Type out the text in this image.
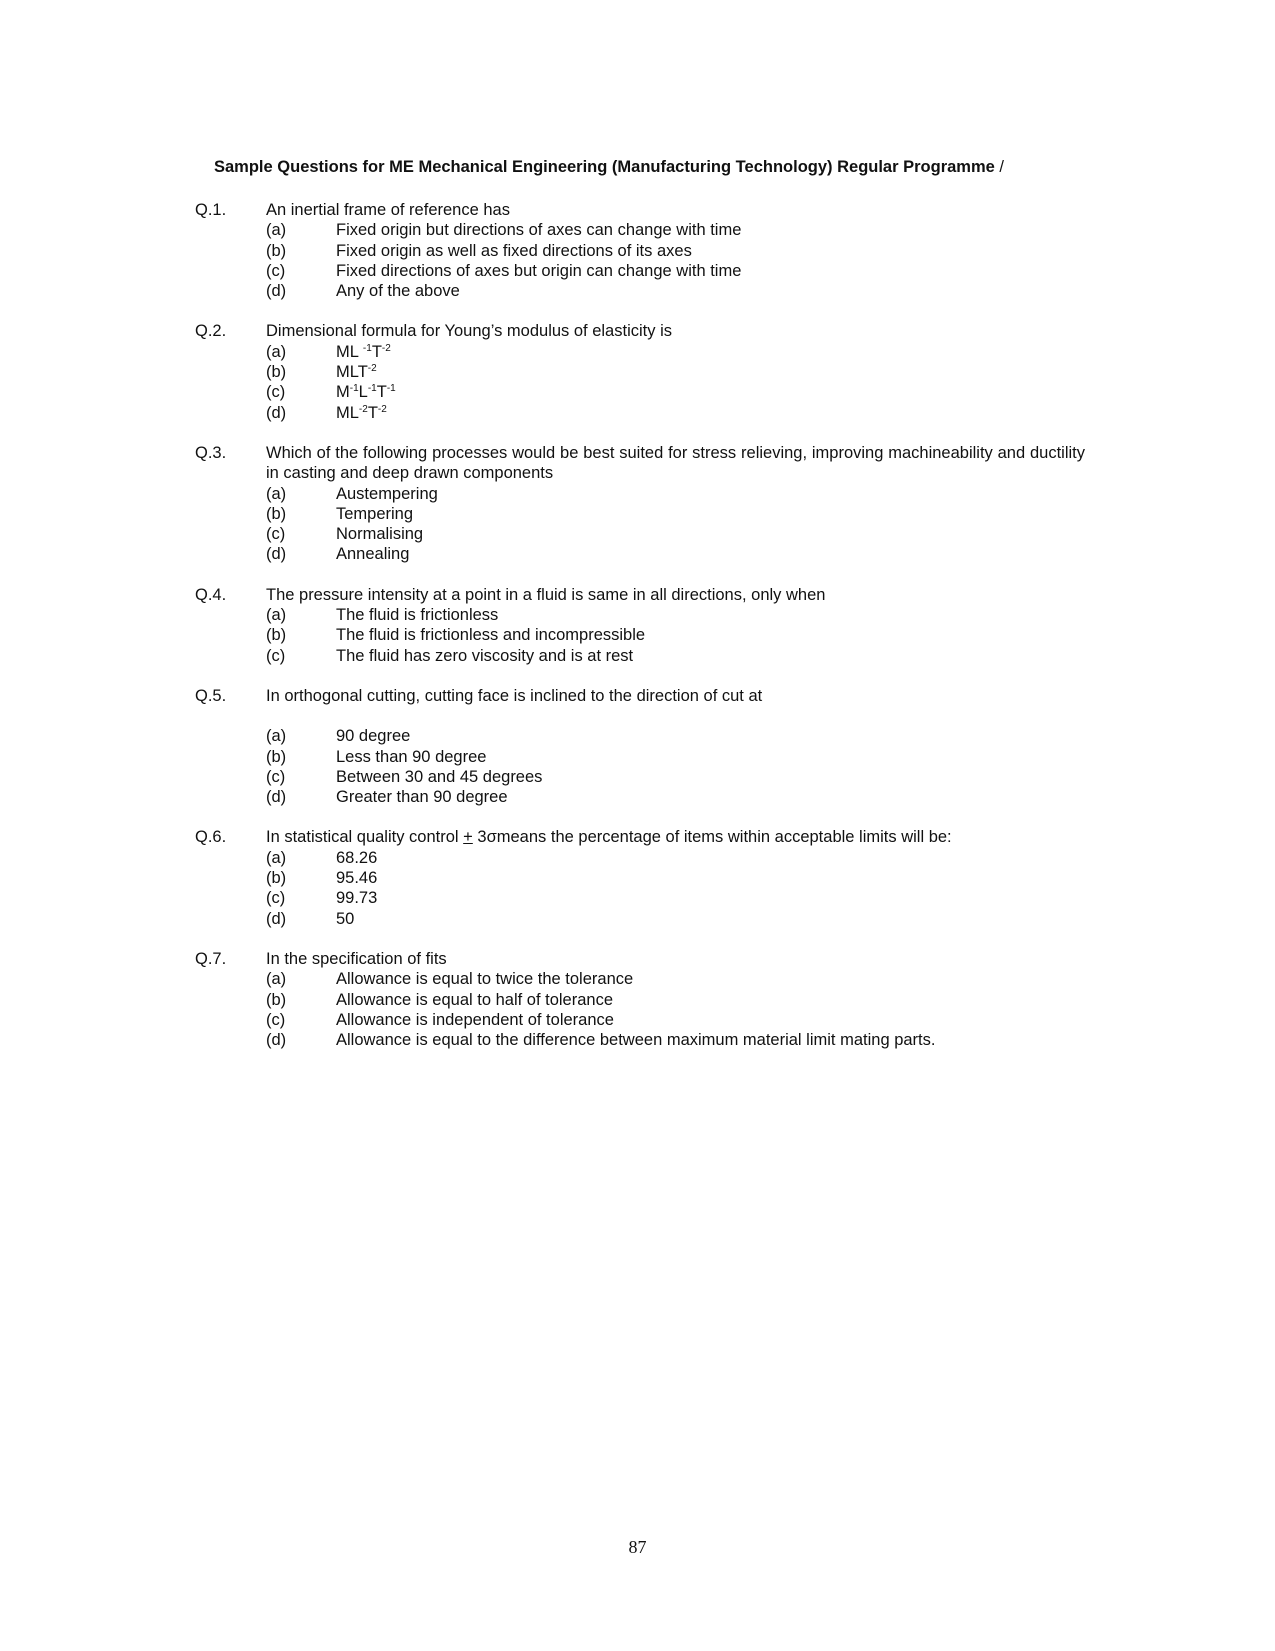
Sample Questions for ME Mechanical Engineering (Manufacturing Technology) Regular Programme /
Q.1.	An inertial frame of reference has
(a)	Fixed origin but directions of axes can change with time
(b)	Fixed origin as well as fixed directions of its axes
(c)	Fixed directions of axes but origin can change with time
(d)	Any of the above
Q.2.	Dimensional formula for Young’s modulus of elasticity is
(a)	ML $^{-1}T^{-2}$
(b)	$MLT^{-2}$
(c)	$M^{-1}L^{-1}T^{-1}$
(d)	$ML^{-2}T^{-2}$
Q.3.	Which of the following processes would be best suited for stress relieving, improving machineability and ductility in casting and deep drawn components
(a)	Austempering
(b)	Tempering
(c)	Normalising
(d)	Annealing
Q.4.	The pressure intensity at a point in a fluid is same in all directions, only when
(a)	The fluid is frictionless
(b)	The fluid is frictionless and incompressible
(c)	The fluid has zero viscosity and is at rest
Q.5.	In orthogonal cutting, cutting face is inclined to the direction of cut at
(a)	90 degree
(b)	Less than 90 degree
(c)	Between 30 and 45 degrees
(d)	Greater than 90 degree
Q.6.	In statistical quality control + 3σmeans the percentage of items within acceptable limits will be:
(a)	68.26
(b)	95.46
(c)	99.73
(d)	50
Q.7.	In the specification of fits
(a)	Allowance is equal to twice the tolerance
(b)	Allowance is equal to half of tolerance
(c)	Allowance is independent of tolerance
(d)	Allowance is equal to the difference between maximum material limit mating parts.
87
